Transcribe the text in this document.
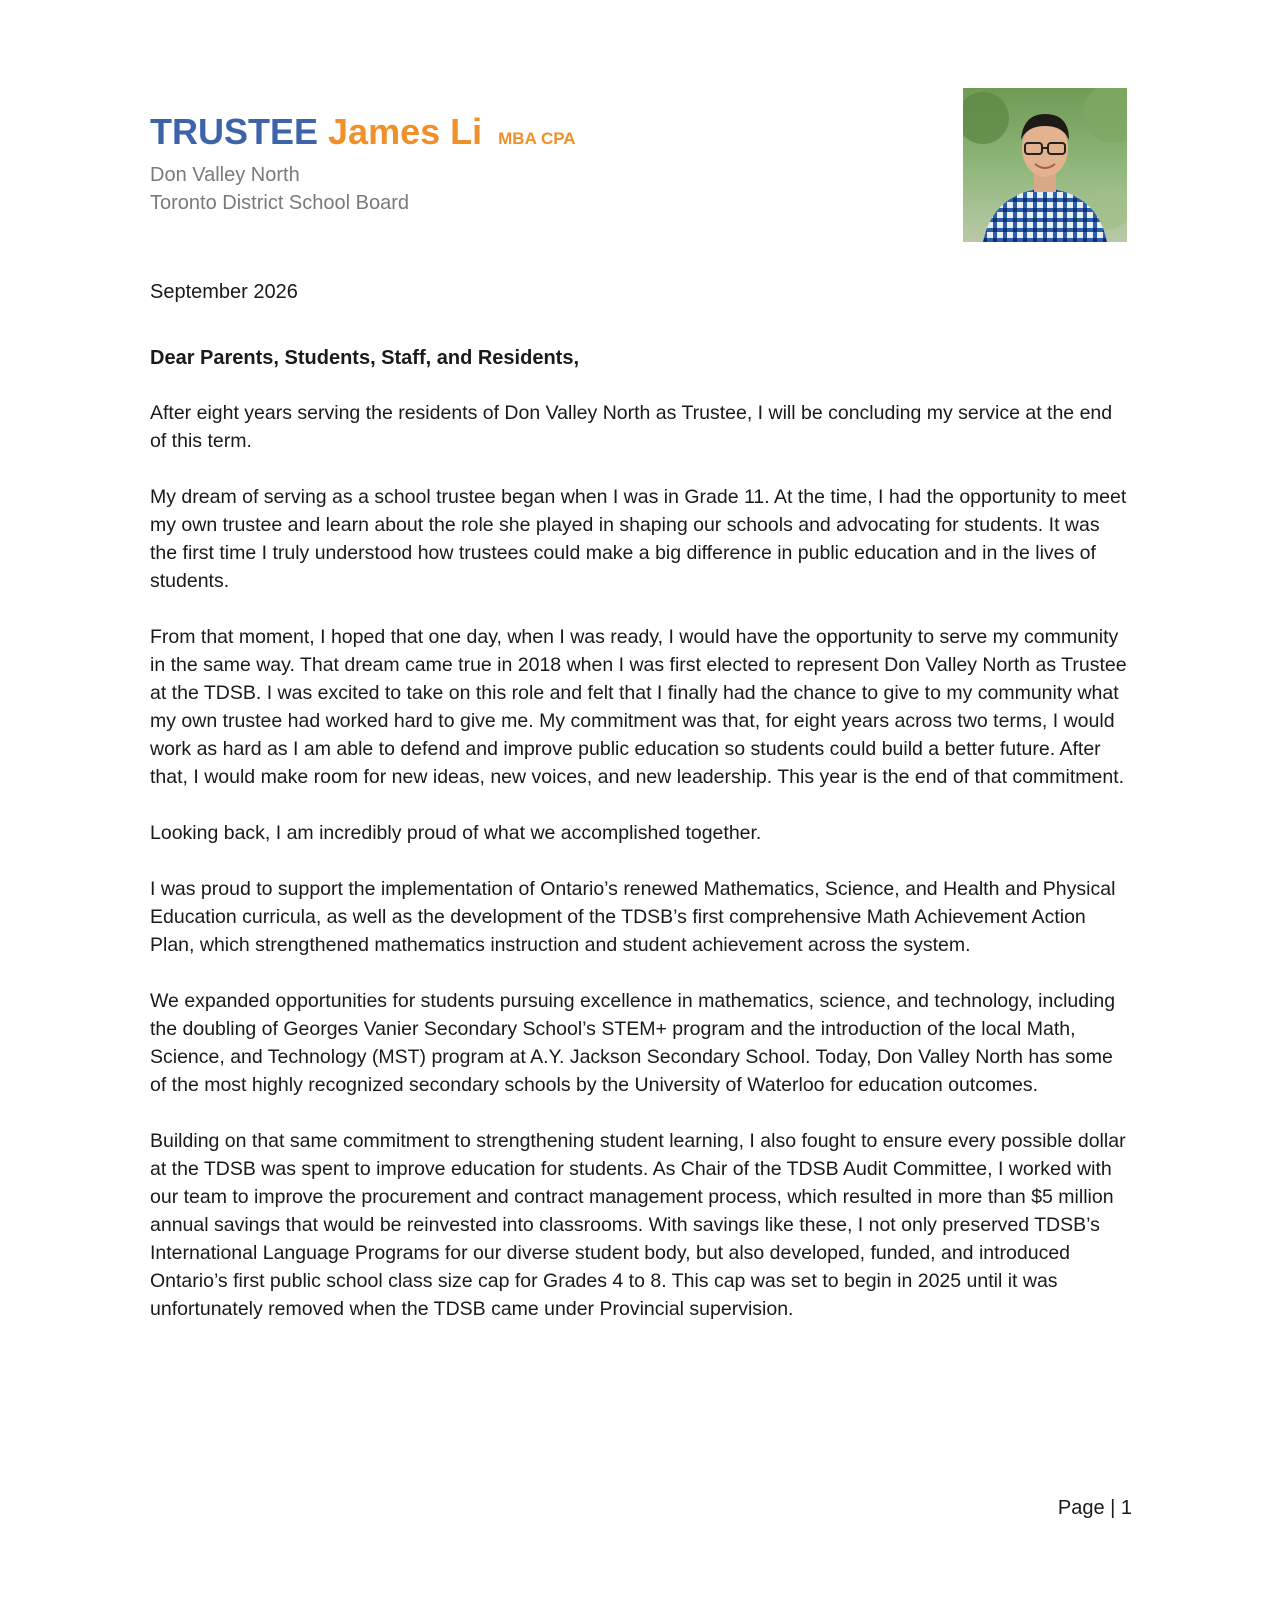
TRUSTEE James Li MBA CPA
Don Valley North
Toronto District School Board
September 2026
Dear Parents, Students, Staff, and Residents,

After eight years serving the residents of Don Valley North as Trustee, I will be concluding my service at the end of this term.

My dream of serving as a school trustee began when I was in Grade 11. At the time, I had the opportunity to meet my own trustee and learn about the role she played in shaping our schools and advocating for students. It was the first time I truly understood how trustees could make a big difference in public education and in the lives of students.

From that moment, I hoped that one day, when I was ready, I would have the opportunity to serve my community in the same way. That dream came true in 2018 when I was first elected to represent Don Valley North as Trustee at the TDSB. I was excited to take on this role and felt that I finally had the chance to give to my community what my own trustee had worked hard to give me. My commitment was that, for eight years across two terms, I would work as hard as I am able to defend and improve public education so students could build a better future. After that, I would make room for new ideas, new voices, and new leadership. This year is the end of that commitment.

Looking back, I am incredibly proud of what we accomplished together.

I was proud to support the implementation of Ontario’s renewed Mathematics, Science, and Health and Physical Education curricula, as well as the development of the TDSB’s first comprehensive Math Achievement Action Plan, which strengthened mathematics instruction and student achievement across the system.

We expanded opportunities for students pursuing excellence in mathematics, science, and technology, including the doubling of Georges Vanier Secondary School’s STEM+ program and the introduction of the local Math, Science, and Technology (MST) program at A.Y. Jackson Secondary School. Today, Don Valley North has some of the most highly recognized secondary schools by the University of Waterloo for education outcomes.

Building on that same commitment to strengthening student learning, I also fought to ensure every possible dollar at the TDSB was spent to improve education for students. As Chair of the TDSB Audit Committee, I worked with our team to improve the procurement and contract management process, which resulted in more than $5 million annual savings that would be reinvested into classrooms. With savings like these, I not only preserved TDSB’s International Language Programs for our diverse student body, but also developed, funded, and introduced Ontario’s first public school class size cap for Grades 4 to 8. This cap was set to begin in 2025 until it was unfortunately removed when the TDSB came under Provincial supervision.

Page | 1
